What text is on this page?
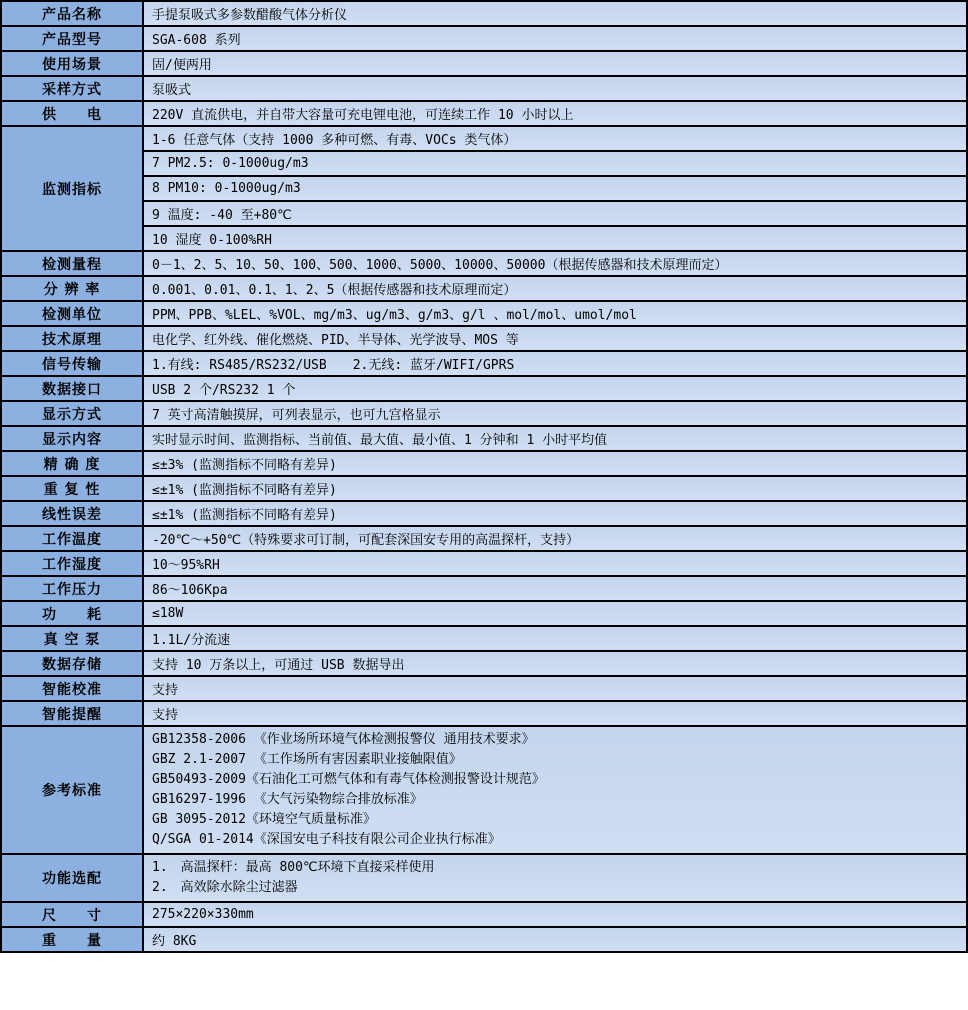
产品名称	手提泵吸式多参数醋酸气体分析仪
产品型号	SGA-608 系列
使用场景	固/便两用
采样方式	泵吸式
供　　电	220V 直流供电，并自带大容量可充电锂电池，可连续工作 10 小时以上
监测指标	1-6 任意气体（支持 1000 多种可燃、有毒、VOCs 类气体）
	7 PM2.5: 0-1000ug/m3
	8 PM10: 0-1000ug/m3
	9 温度: -40 至+80℃
	10 湿度 0-100%RH
检测量程	0－1、2、5、10、50、100、500、1000、5000、10000、50000（根据传感器和技术原理而定）
分 辨 率	0.001、0.01、0.1、1、2、5（根据传感器和技术原理而定）
检测单位	PPM、PPB、%LEL、%VOL、mg/m3、ug/m3、g/m3、g/l 、mol/mol、umol/mol
技术原理	电化学、红外线、催化燃烧、PID、半导体、光学波导、MOS 等
信号传输	1.有线: RS485/RS232/USB　　2.无线: 蓝牙/WIFI/GPRS
数据接口	USB 2 个/RS232 1 个
显示方式	7 英寸高清触摸屏，可列表显示，也可九宫格显示
显示内容	实时显示时间、监测指标、当前值、最大值、最小值、1 分钟和 1 小时平均值
精 确 度	≤±3% (监测指标不同略有差异)
重 复 性	≤±1% (监测指标不同略有差异)
线性误差	≤±1% (监测指标不同略有差异)
工作温度	-20℃～+50℃（特殊要求可订制，可配套深国安专用的高温探杆，支持）
工作湿度	10～95%RH
工作压力	86～106Kpa
功　　耗	≤18W
真 空 泵	1.1L/分流速
数据存储	支持 10 万条以上，可通过 USB 数据导出
智能校准	支持
智能提醒	支持
参考标准	
GB12358-2006 《作业场所环境气体检测报警仪 通用技术要求》
GBZ 2.1-2007 《工作场所有害因素职业接触限值》
GB50493-2009《石油化工可燃气体和有毒气体检测报警设计规范》
GB16297-1996 《大气污染物综合排放标准》
GB 3095-2012《环境空气质量标准》
Q/SGA 01-2014《深国安电子科技有限公司企业执行标准》

功能选配	1.　高温探杆：最高 800℃环境下直接采样使用
2.　高效除水除尘过滤器

尺　　寸	275×220×330mm
重　　量	约 8KG
